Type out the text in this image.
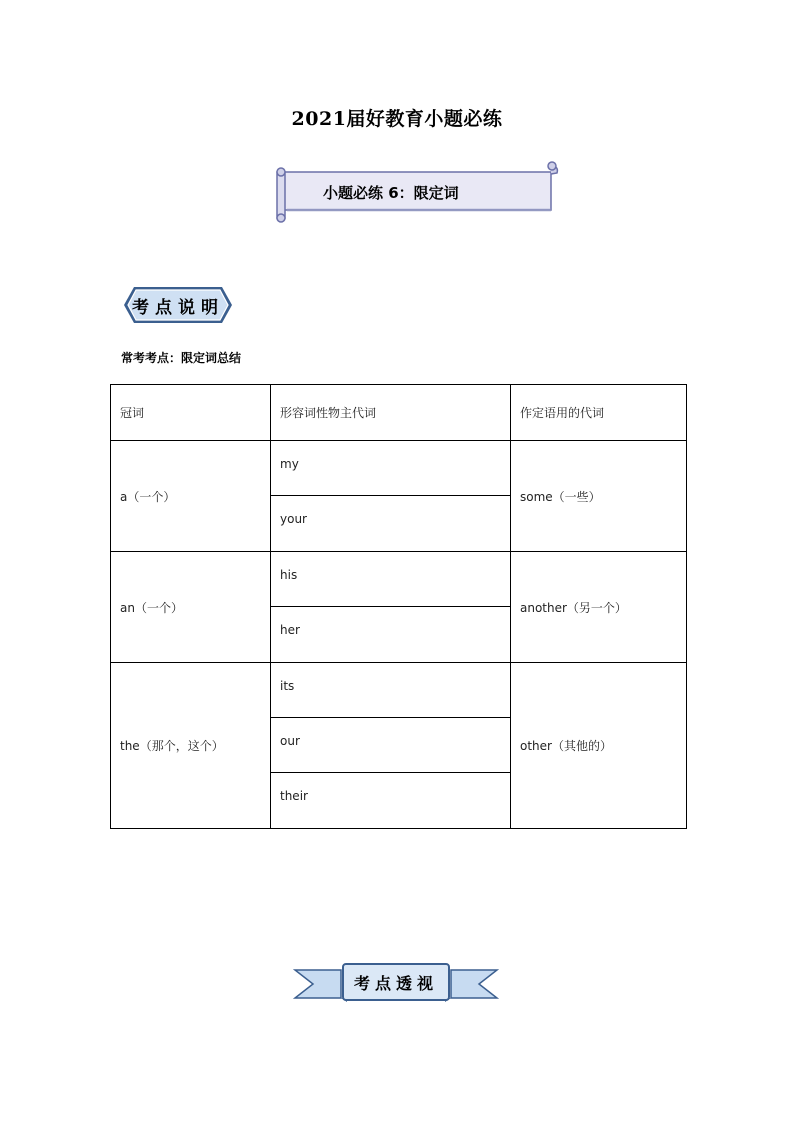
2021届好教育小题必练
小题必练 6：限定词
考点说明
常考考点：限定词总结
冠词	形容词性物主代词	作定语用的代词
a（一个）	my	some（一些）
	your	
an（一个）	his	another（另一个）
	her	
the（那个，这个）	its	other（其他的）
	our	
	their	
考点透视
